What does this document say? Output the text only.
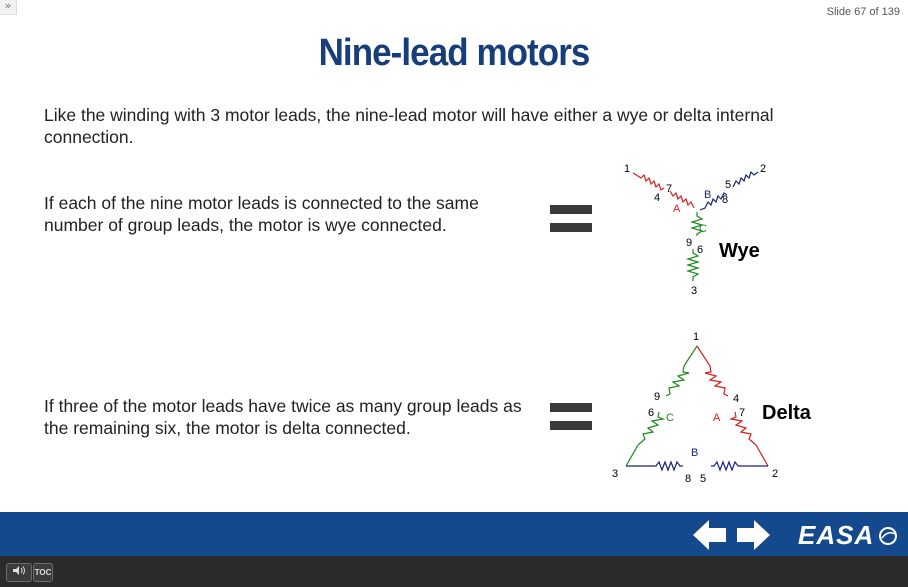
»	Slide 67 of 139
Nine-lead motors
Like the winding with 3 motor leads, the nine-lead motor will have either a wye or delta internal connection.
If each of the nine motor leads is connected to the same number of group leads, the motor is wye connected.
If three of the motor leads have twice as many group leads as the remaining six, the motor is delta connected.
1
4
7
2
5
8
9
6
3
A
B
C
Wye
1
9
6
4
7
3	8 5	2
A
B
C	Delta
EASA
TOC
